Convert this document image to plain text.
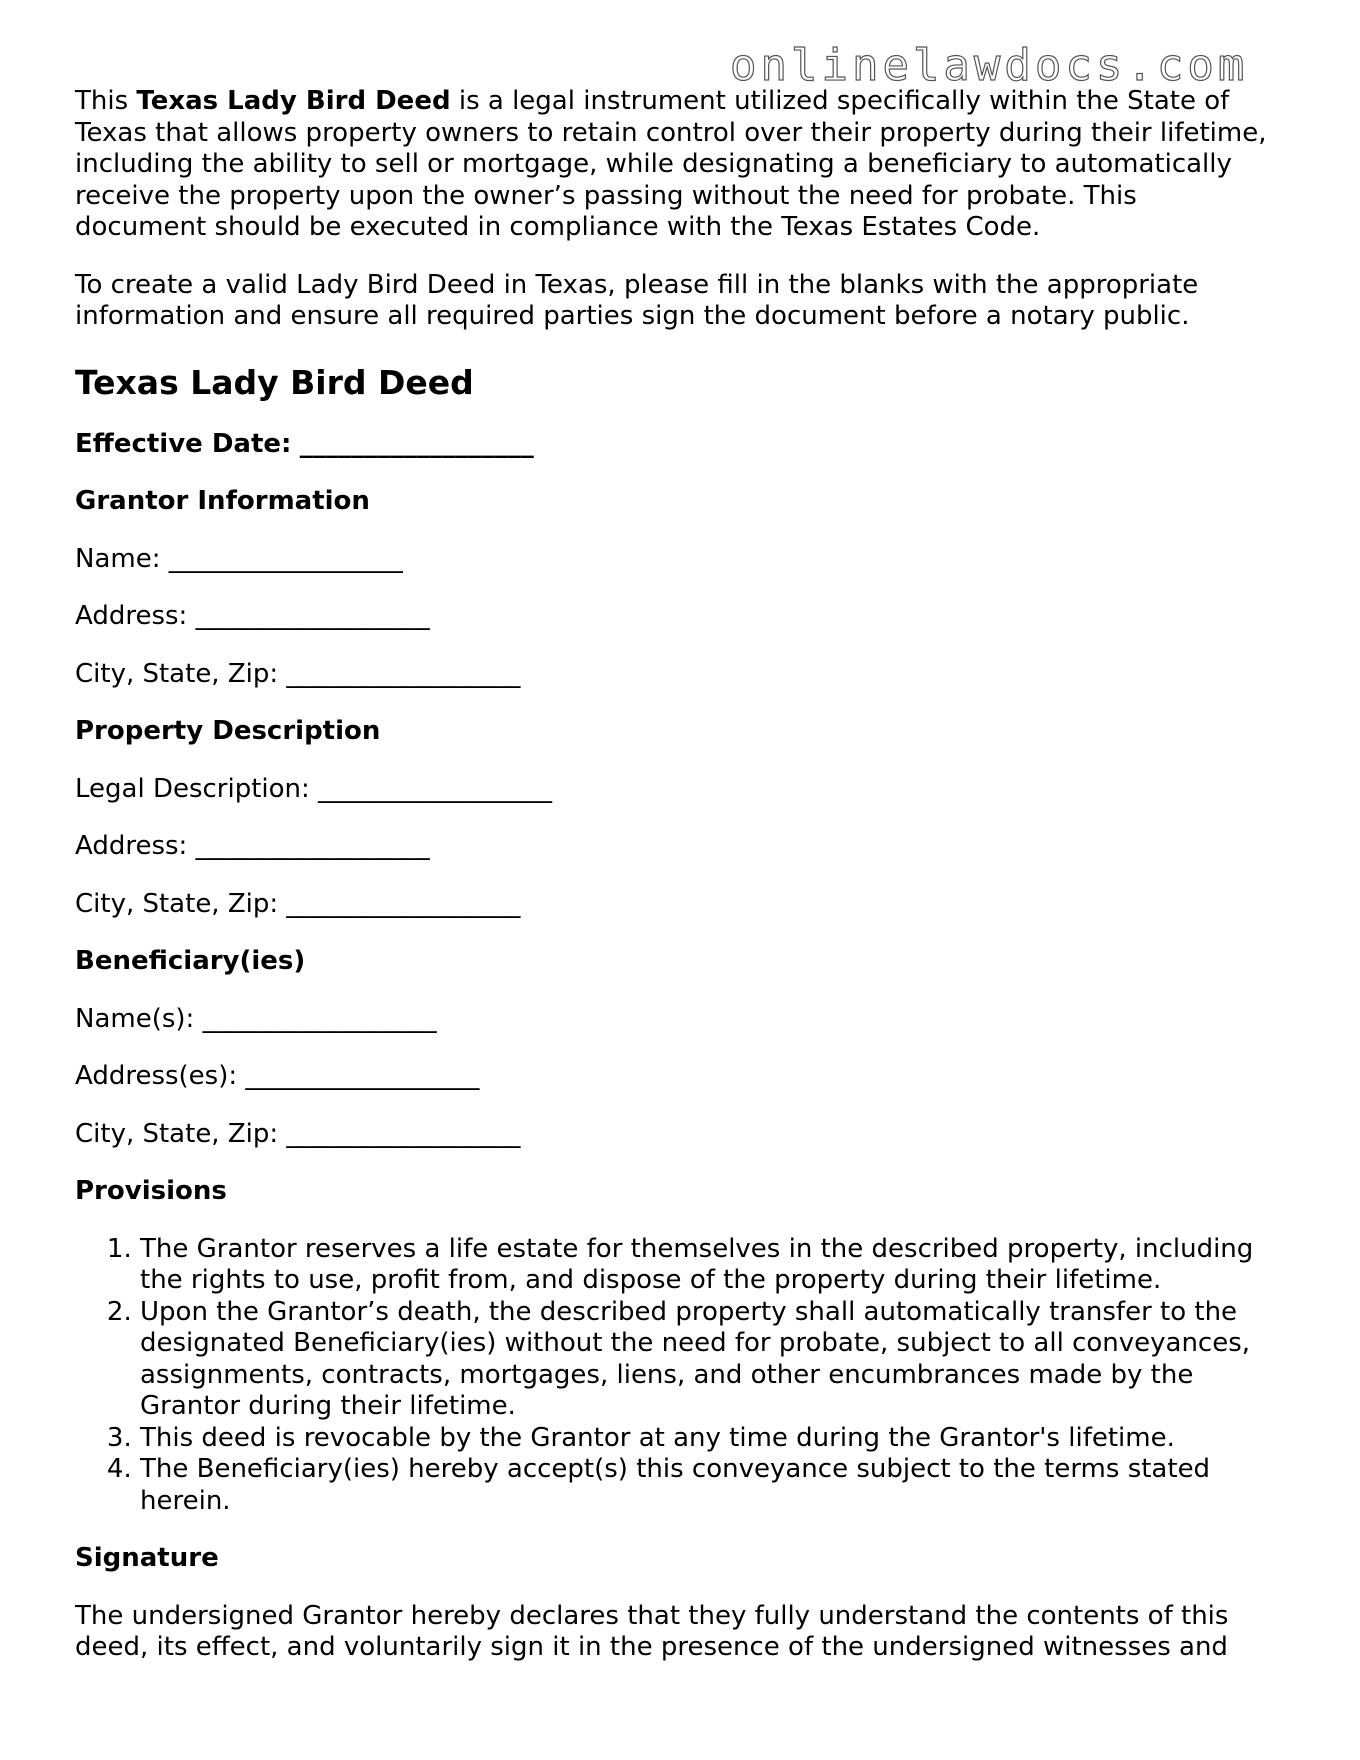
onlinelawdocs.com

This Texas Lady Bird Deed is a legal instrument utilized specifically within the State of Texas that allows property owners to retain control over their property during their lifetime, including the ability to sell or mortgage, while designating a beneficiary to automatically receive the property upon the owner’s passing without the need for probate. This document should be executed in compliance with the Texas Estates Code.

To create a valid Lady Bird Deed in Texas, please fill in the blanks with the appropriate information and ensure all required parties sign the document before a notary public.

Texas Lady Bird Deed

Effective Date: __________________

Grantor Information

Name: __________________

Address: __________________

City, State, Zip: __________________

Property Description

Legal Description: __________________

Address: __________________

City, State, Zip: __________________

Beneficiary(ies)

Name(s): __________________

Address(es): __________________

City, State, Zip: __________________

Provisions

1. The Grantor reserves a life estate for themselves in the described property, including the rights to use, profit from, and dispose of the property during their lifetime.
2. Upon the Grantor’s death, the described property shall automatically transfer to the designated Beneficiary(ies) without the need for probate, subject to all conveyances, assignments, contracts, mortgages, liens, and other encumbrances made by the Grantor during their lifetime.
3. This deed is revocable by the Grantor at any time during the Grantor's lifetime.
4. The Beneficiary(ies) hereby accept(s) this conveyance subject to the terms stated herein.

Signature

The undersigned Grantor hereby declares that they fully understand the contents of this deed, its effect, and voluntarily sign it in the presence of the undersigned witnesses and
